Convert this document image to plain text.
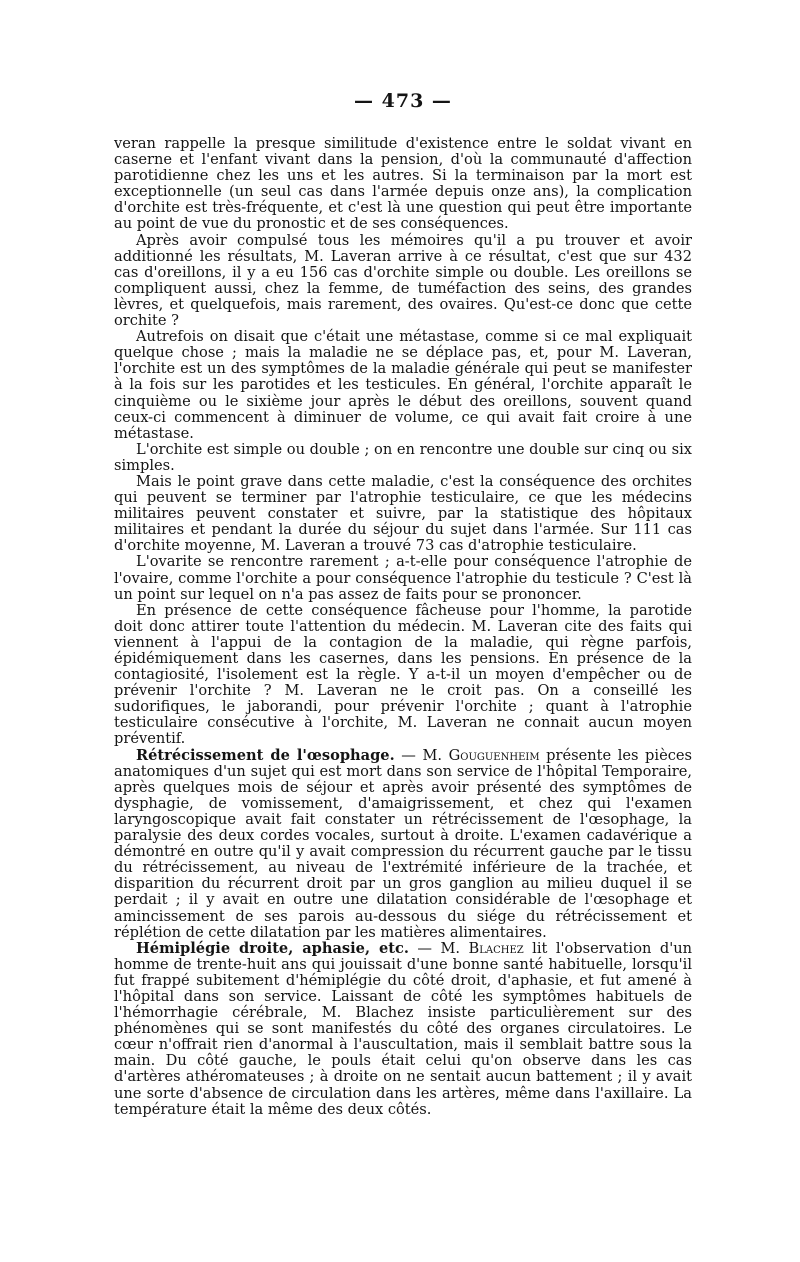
— 473 —

veran rappelle la presque similitude d'existence entre le soldat vivant en caserne et l'enfant vivant dans la pension, d'où la communauté d'affection parotidienne chez les uns et les autres. Si la terminaison par la mort est exceptionnelle (un seul cas dans l'armée depuis onze ans), la complication d'orchite est très-fréquente, et c'est là une question qui peut être importante au point de vue du pronostic et de ses conséquences.

Après avoir compulsé tous les mémoires qu'il a pu trouver et avoir additionné les résultats, M. Laveran arrive à ce résultat, c'est que sur 432 cas d'oreillons, il y a eu 156 cas d'orchite simple ou double. Les oreillons se compliquent aussi, chez la femme, de tuméfaction des seins, des grandes lèvres, et quelquefois, mais rarement, des ovaires. Qu'est-ce donc que cette orchite ?

Autrefois on disait que c'était une métastase, comme si ce mal expliquait quelque chose ; mais la maladie ne se déplace pas, et, pour M. Laveran, l'orchite est un des symptômes de la maladie générale qui peut se manifester à la fois sur les parotides et les testicules. En général, l'orchite apparaît le cinquième ou le sixième jour après le début des oreillons, souvent quand ceux-ci commencent à diminuer de volume, ce qui avait fait croire à une métastase.

L'orchite est simple ou double ; on en rencontre une double sur cinq ou six simples.

Mais le point grave dans cette maladie, c'est la conséquence des orchites qui peuvent se terminer par l'atrophie testiculaire, ce que les médecins militaires peuvent constater et suivre, par la statistique des hôpitaux militaires et pendant la durée du séjour du sujet dans l'armée. Sur 111 cas d'orchite moyenne, M. Laveran a trouvé 73 cas d'atrophie testiculaire.

L'ovarite se rencontre rarement ; a-t-elle pour conséquence l'atrophie de l'ovaire, comme l'orchite a pour conséquence l'atrophie du testicule ? C'est là un point sur lequel on n'a pas assez de faits pour se prononcer.

En présence de cette conséquence fâcheuse pour l'homme, la parotide doit donc attirer toute l'attention du médecin. M. Laveran cite des faits qui viennent à l'appui de la contagion de la maladie, qui règne parfois, épidémiquement dans les casernes, dans les pensions. En présence de la contagiosité, l'isolement est la règle. Y a-t-il un moyen d'empêcher ou de prévenir l'orchite ? M. Laveran ne le croit pas. On a conseillé les sudorifiques, le jaborandi, pour prévenir l'orchite ; quant à l'atrophie testiculaire consécutive à l'orchite, M. Laveran ne connait aucun moyen préventif.

Rétrécissement de l'œsophage. — M. Gouguenheim présente les pièces anatomiques d'un sujet qui est mort dans son service de l'hôpital Temporaire, après quelques mois de séjour et après avoir présenté des symptômes de dysphagie, de vomissement, d'amaigrissement, et chez qui l'examen laryngoscopique avait fait constater un rétrécissement de l'œsophage, la paralysie des deux cordes vocales, surtout à droite. L'examen cadavérique a démontré en outre qu'il y avait compression du récurrent gauche par le tissu du rétrécissement, au niveau de l'extrémité inférieure de la trachée, et disparition du récurrent droit par un gros ganglion au milieu duquel il se perdait ; il y avait en outre une dilatation considérable de l'œsophage et amincissement de ses parois au-dessous du siége du rétrécissement et réplétion de cette dilatation par les matières alimentaires.

Hémiplégie droite, aphasie, etc. — M. Blachez lit l'observation d'un homme de trente-huit ans qui jouissait d'une bonne santé habituelle, lorsqu'il fut frappé subitement d'hémiplégie du côté droit, d'aphasie, et fut amené à l'hôpital dans son service. Laissant de côté les symptômes habituels de l'hémorrhagie cérébrale, M. Blachez insiste particulièrement sur des phénomènes qui se sont manifestés du côté des organes circulatoires. Le cœur n'offrait rien d'anormal à l'auscultation, mais il semblait battre sous la main. Du côté gauche, le pouls était celui qu'on observe dans les cas d'artères athéromateuses ; à droite on ne sentait aucun battement ; il y avait une sorte d'absence de circulation dans les artères, même dans l'axillaire. La température était la même des deux côtés.
